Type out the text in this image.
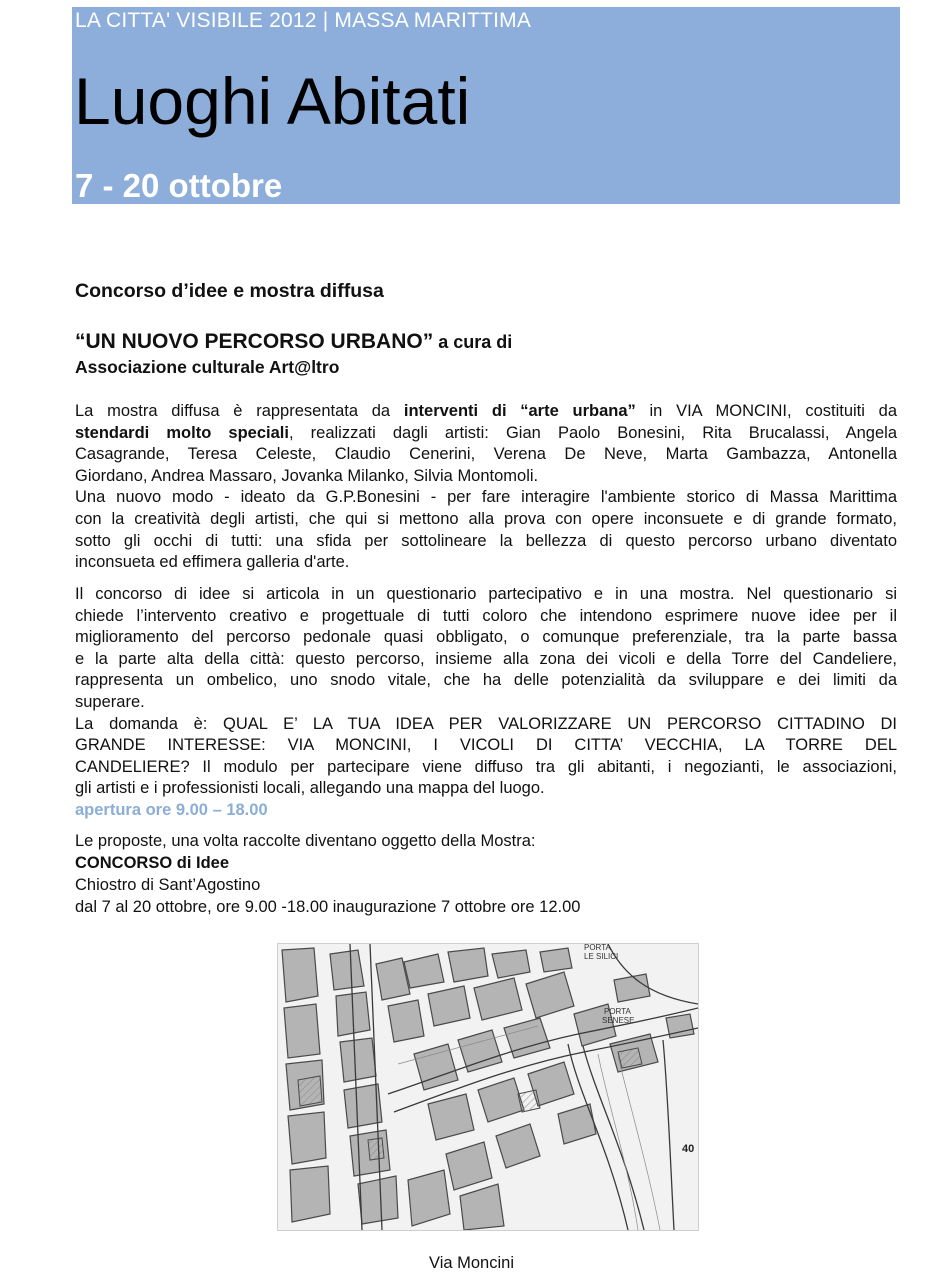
LA CITTA' VISIBILE 2012 | MASSA MARITTIMA
Luoghi Abitati
7 - 20 ottobre
Concorso d’idee e mostra diffusa
“UN NUOVO PERCORSO URBANO” a cura di
Associazione culturale Art@ltro
La mostra diffusa è rappresentata da interventi di “arte urbana” in VIA MONCINI, costituiti da
stendardi molto speciali, realizzati dagli artisti: Gian Paolo Bonesini, Rita Brucalassi, Angela
Casagrande, Teresa Celeste, Claudio Cenerini, Verena De Neve, Marta Gambazza, Antonella
Giordano, Andrea Massaro, Jovanka Milanko, Silvia Montomoli.
Una nuovo modo - ideato da G.P.Bonesini - per fare interagire l'ambiente storico di Massa Marittima
con la creatività degli artisti, che qui si mettono alla prova con opere inconsuete e di grande formato,
sotto gli occhi di tutti: una sfida per sottolineare la bellezza di questo percorso urbano diventato
inconsueta ed effimera galleria d'arte.
Il concorso di idee si articola in un questionario partecipativo e in una mostra. Nel questionario si
chiede l’intervento creativo e progettuale di tutti coloro che intendono esprimere nuove idee per il
miglioramento del percorso pedonale quasi obbligato, o comunque preferenziale, tra la parte bassa
e la parte alta della città: questo percorso, insieme alla zona dei vicoli e della Torre del Candeliere,
rappresenta un ombelico, uno snodo vitale, che ha delle potenzialità da sviluppare e dei limiti da
superare.
La domanda è: QUAL E’ LA TUA IDEA PER VALORIZZARE UN PERCORSO CITTADINO DI
GRANDE INTERESSE: VIA MONCINI, I VICOLI DI CITTA’ VECCHIA, LA TORRE DEL
CANDELIERE? Il modulo per partecipare viene diffuso tra gli abitanti, i negozianti, le associazioni,
gli artisti e i professionisti locali, allegando una mappa del luogo.
apertura ore 9.00 – 18.00
Le proposte, una volta raccolte diventano oggetto della Mostra:
CONCORSO di Idee
Chiostro di Sant’Agostino
dal 7 al 20 ottobre, ore 9.00 -18.00 inaugurazione 7 ottobre ore 12.00
PORTA
LE SILICI
PORTA
SENESE
40
Via Moncini
